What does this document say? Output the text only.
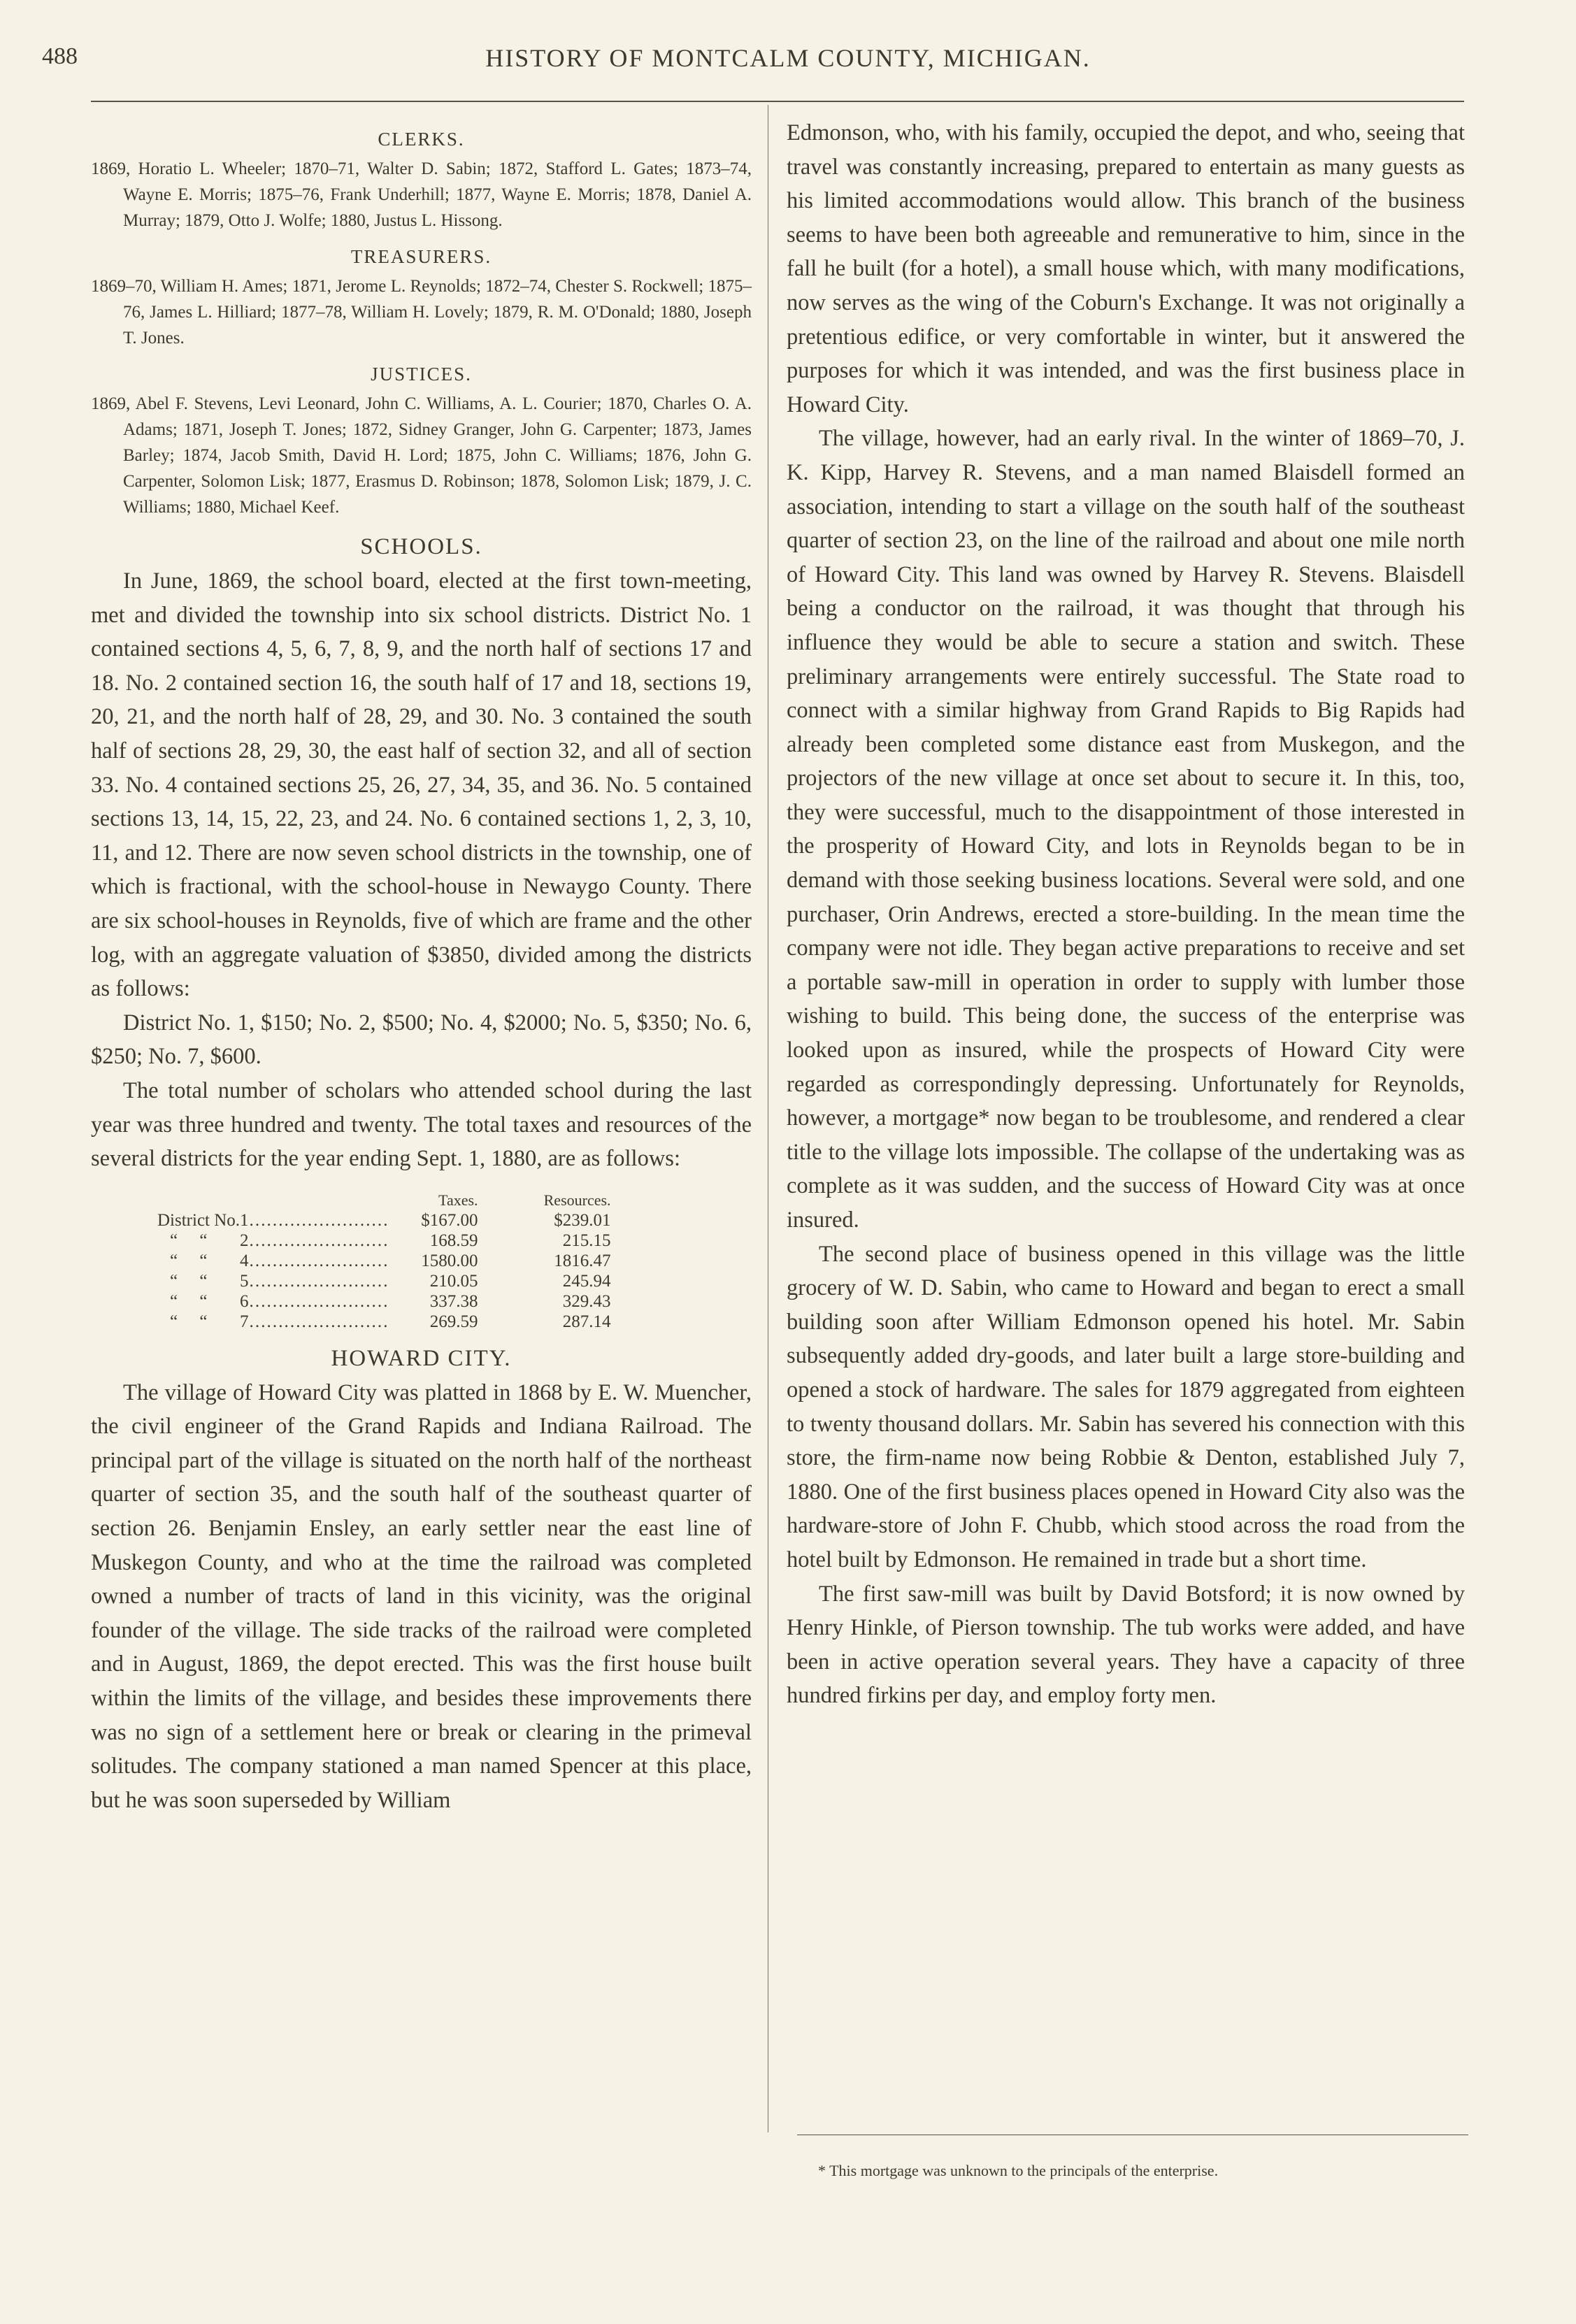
488	HISTORY OF MONTCALM COUNTY, MICHIGAN.
CLERKS.

1869, Horatio L. Wheeler; 1870–71, Walter D. Sabin; 1872, Stafford L. Gates; 1873–74, Wayne E. Morris; 1875–76, Frank Underhill; 1877, Wayne E. Morris; 1878, Daniel A. Murray; 1879, Otto J. Wolfe; 1880, Justus L. Hissong.

TREASURERS.

1869–70, William H. Ames; 1871, Jerome L. Reynolds; 1872–74, Chester S. Rockwell; 1875–76, James L. Hilliard; 1877–78, William H. Lovely; 1879, R. M. O'Donald; 1880, Joseph T. Jones.

JUSTICES.

1869, Abel F. Stevens, Levi Leonard, John C. Williams, A. L. Courier; 1870, Charles O. A. Adams; 1871, Joseph T. Jones; 1872, Sidney Granger, John G. Carpenter; 1873, James Barley; 1874, Jacob Smith, David H. Lord; 1875, John C. Williams; 1876, John G. Carpenter, Solomon Lisk; 1877, Erasmus D. Robinson; 1878, Solomon Lisk; 1879, J. C. Williams; 1880, Michael Keef.

SCHOOLS.

In June, 1869, the school board, elected at the first town-meeting, met and divided the township into six school districts. District No. 1 contained sections 4, 5, 6, 7, 8, 9, and the north half of sections 17 and 18. No. 2 contained section 16, the south half of 17 and 18, sections 19, 20, 21, and the north half of 28, 29, and 30. No. 3 contained the south half of sections 28, 29, 30, the east half of section 32, and all of section 33. No. 4 contained sections 25, 26, 27, 34, 35, and 36. No. 5 contained sections 13, 14, 15, 22, 23, and 24. No. 6 contained sections 1, 2, 3, 10, 11, and 12. There are now seven school districts in the township, one of which is fractional, with the school-house in Newaygo County. There are six school-houses in Reynolds, five of which are frame and the other log, with an aggregate valuation of $3850, divided among the districts as follows:

District No. 1, $150; No. 2, $500; No. 4, $2000; No. 5, $350; No. 6, $250; No. 7, $600.

The total number of scholars who attended school during the last year was three hundred and twenty. The total taxes and resources of the several districts for the year ending Sept. 1, 1880, are as follows:

		Taxes.	Resources.
District No.	1……………………	$167.00	$239.01
“     “	2……………………	168.59	215.15
“     “	4……………………	1580.00	1816.47
“     “	5……………………	210.05	245.94
“     “	6……………………	337.38	329.43
“     “	7……………………	269.59	287.14
HOWARD CITY.

The village of Howard City was platted in 1868 by E. W. Muencher, the civil engineer of the Grand Rapids and Indiana Railroad. The principal part of the village is situated on the north half of the northeast quarter of section 35, and the south half of the southeast quarter of section 26. Benjamin Ensley, an early settler near the east line of Muskegon County, and who at the time the railroad was completed owned a number of tracts of land in this vicinity, was the original founder of the village. The side tracks of the railroad were completed and in August, 1869, the depot erected. This was the first house built within the limits of the village, and besides these improvements there was no sign of a settlement here or break or clearing in the primeval solitudes. The company stationed a man named Spencer at this place, but he was soon superseded by William

Edmonson, who, with his family, occupied the depot, and who, seeing that travel was constantly increasing, prepared to entertain as many guests as his limited accommodations would allow. This branch of the business seems to have been both agreeable and remunerative to him, since in the fall he built (for a hotel), a small house which, with many modifications, now serves as the wing of the Coburn's Exchange. It was not originally a pretentious edifice, or very comfortable in winter, but it answered the purposes for which it was intended, and was the first business place in Howard City.

The village, however, had an early rival. In the winter of 1869–70, J. K. Kipp, Harvey R. Stevens, and a man named Blaisdell formed an association, intending to start a village on the south half of the southeast quarter of section 23, on the line of the railroad and about one mile north of Howard City. This land was owned by Harvey R. Stevens. Blaisdell being a conductor on the railroad, it was thought that through his influence they would be able to secure a station and switch. These preliminary arrangements were entirely successful. The State road to connect with a similar highway from Grand Rapids to Big Rapids had already been completed some distance east from Muskegon, and the projectors of the new village at once set about to secure it. In this, too, they were successful, much to the disappointment of those interested in the prosperity of Howard City, and lots in Reynolds began to be in demand with those seeking business locations. Several were sold, and one purchaser, Orin Andrews, erected a store-building. In the mean time the company were not idle. They began active preparations to receive and set a portable saw-mill in operation in order to supply with lumber those wishing to build. This being done, the success of the enterprise was looked upon as insured, while the prospects of Howard City were regarded as correspondingly depressing. Unfortunately for Reynolds, however, a mortgage* now began to be troublesome, and rendered a clear title to the village lots impossible. The collapse of the undertaking was as complete as it was sudden, and the success of Howard City was at once insured.

The second place of business opened in this village was the little grocery of W. D. Sabin, who came to Howard and began to erect a small building soon after William Edmonson opened his hotel. Mr. Sabin subsequently added dry-goods, and later built a large store-building and opened a stock of hardware. The sales for 1879 aggregated from eighteen to twenty thousand dollars. Mr. Sabin has severed his connection with this store, the firm-name now being Robbie & Denton, established July 7, 1880. One of the first business places opened in Howard City also was the hardware-store of John F. Chubb, which stood across the road from the hotel built by Edmonson. He remained in trade but a short time.

The first saw-mill was built by David Botsford; it is now owned by Henry Hinkle, of Pierson township. The tub works were added, and have been in active operation several years. They have a capacity of three hundred firkins per day, and employ forty men.

* This mortgage was unknown to the principals of the enterprise.
